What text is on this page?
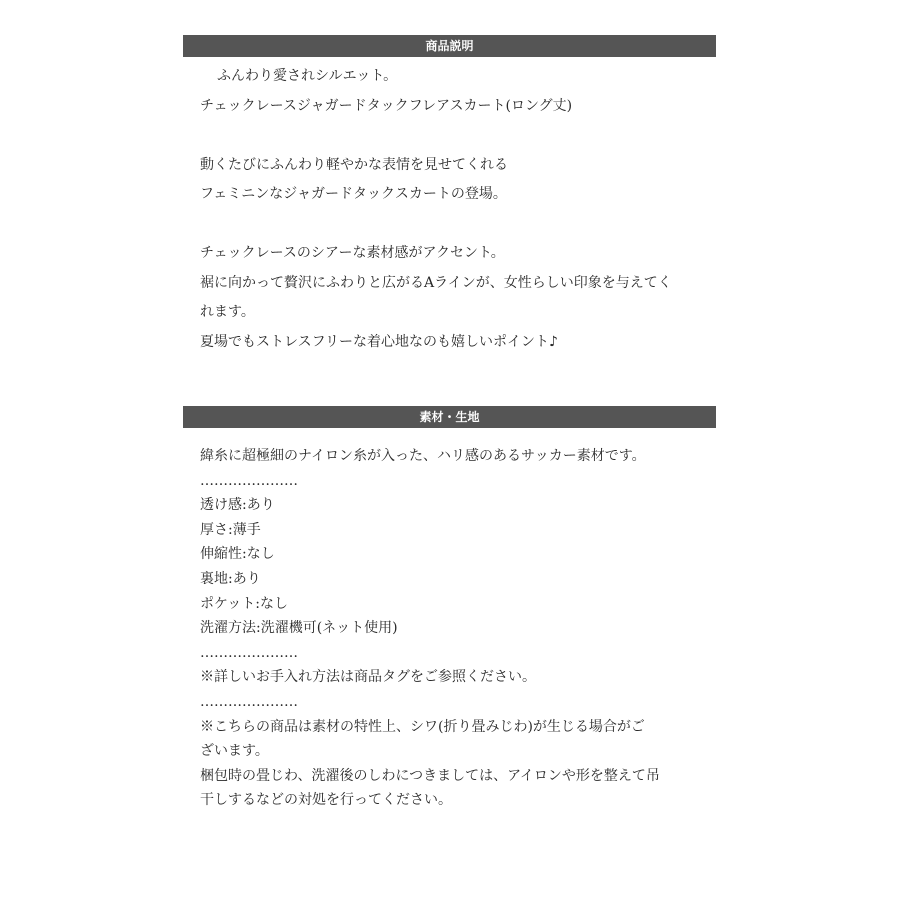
商品説明
ふんわり愛されシルエット。
チェックレースジャガードタックフレアスカート(ロング丈)
動くたびにふんわり軽やかな表情を見せてくれる
フェミニンなジャガードタックスカートの登場。
チェックレースのシアーな素材感がアクセント。
裾に向かって贅沢にふわりと広がるAラインが、女性らしい印象を与えてく
れます。
夏場でもストレスフリーな着心地なのも嬉しいポイント♪
素材・生地
緯糸に超極細のナイロン糸が入った、ハリ感のあるサッカー素材です。
…………………
透け感:あり
厚さ:薄手
伸縮性:なし
裏地:あり
ポケット:なし
洗濯方法:洗濯機可(ネット使用)
…………………
※詳しいお手入れ方法は商品タグをご参照ください。
…………………
※こちらの商品は素材の特性上、シワ(折り畳みじわ)が生じる場合がご
ざいます。
梱包時の畳じわ、洗濯後のしわにつきましては、アイロンや形を整えて吊
干しするなどの対処を行ってください。
